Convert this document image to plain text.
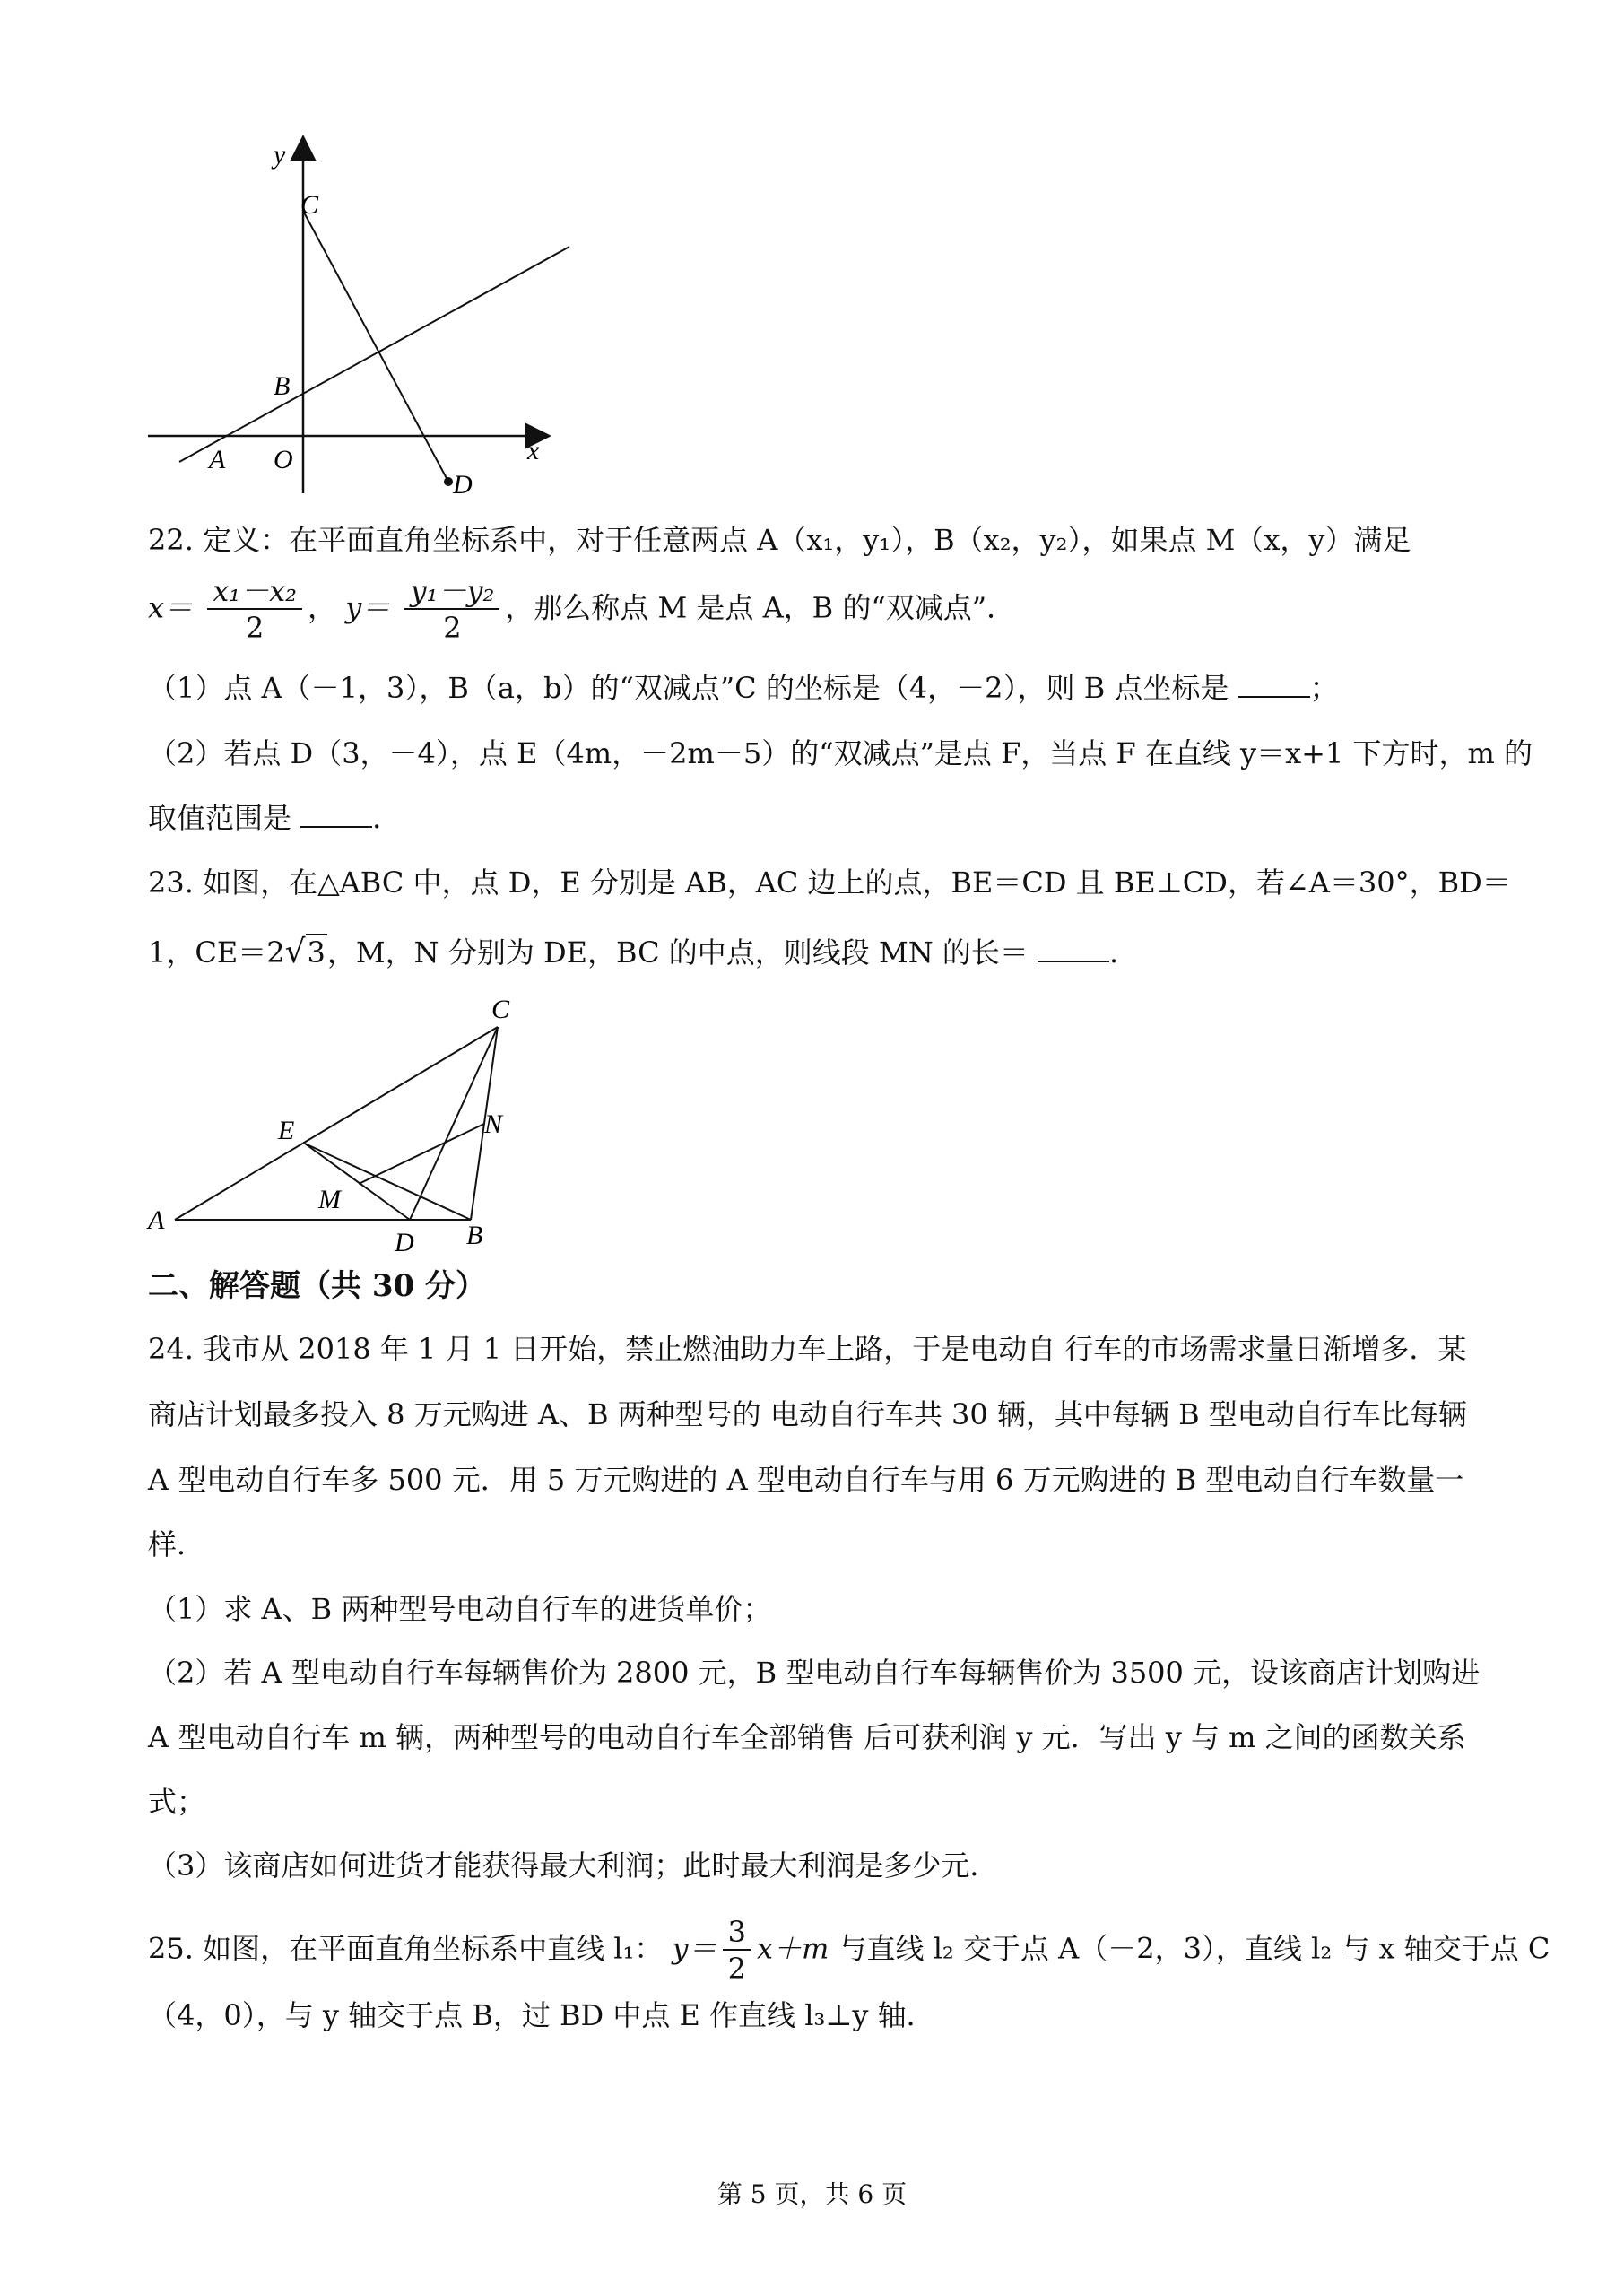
y
C
B
A O	x
D
22. 定义：在平面直角坐标系中，对于任意两点 A（x₁，y₁），B（x₂，y₂），如果点 M（x，y）满足
$x= \frac{\text{x₁－x₂}}{2}$ ， $y= \frac{\text{y₁－y₂}}{2}$ ，那么称点 M 是点 A，B 的“双减点”．
（1）点 A（－1，3），B（a，b）的“双减点”C 的坐标是（4，－2），则 B 点坐标是	；
（2）若点 D（3，－4），点 E（4m，－2m－5）的“双减点”是点 F，当点 F 在直线 y＝x+1 下方时，m 的
取值范围是	．
23. 如图，在△ABC 中，点 D，E 分别是 AB，AC 边上的点，BE＝CD 且 BE⊥CD，若∠A＝30°，BD＝
1，CE＝2√3，M，N 分别为 DE，BC 的中点，则线段 MN 的长＝	．
C
E	N
M
A
D B
二、解答题（共 30 分）
24. 我市从 2018 年 1 月 1 日开始，禁止燃油助力车上路，于是电动自 行车的市场需求量日渐增多．某
商店计划最多投入 8 万元购进 A、B 两种型号的 电动自行车共 30 辆，其中每辆 B 型电动自行车比每辆
A 型电动自行车多 500 元．用 5 万元购进的 A 型电动自行车与用 6 万元购进的 B 型电动自行车数量一
样．
（1）求 A、B 两种型号电动自行车的进货单价；
（2）若 A 型电动自行车每辆售价为 2800 元，B 型电动自行车每辆售价为 3500 元，设该商店计划购进
A 型电动自行车 m 辆，两种型号的电动自行车全部销售 后可获利润 y 元．写出 y 与 m 之间的函数关系
式；
（3）该商店如何进货才能获得最大利润；此时最大利润是多少元．
25. 如图，在平面直角坐标系中直线 l₁： $y= \frac{3}{2} x+m$ 与直线 l₂ 交于点 A（－2，3），直线 l₂ 与 x 轴交于点 C
（4，0），与 y 轴交于点 B，过 BD 中点 E 作直线 l₃⊥y 轴．
第 5 页，共 6 页
